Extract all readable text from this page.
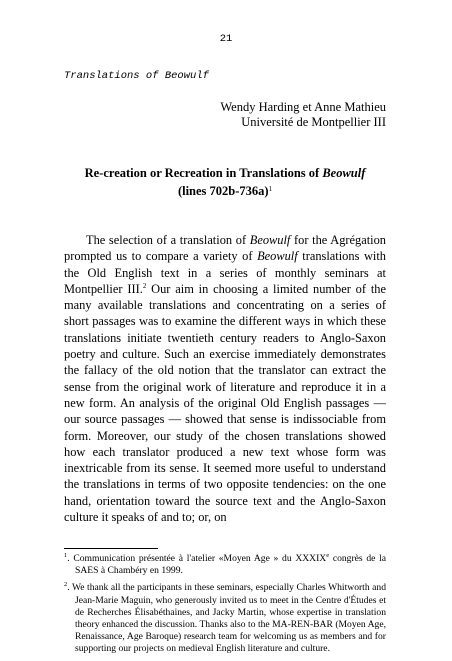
21
Translations of Beowulf
Wendy Harding et Anne Mathieu
Université de Montpellier III
Re-creation or Recreation in Translations of Beowulf
(lines 702b-736a)$^1$

The selection of a translation of Beowulf for the Agrégation prompted us to compare a variety of Beowulf translations with the Old English text in a series of monthly seminars at Montpellier III.$^2$ Our aim in choosing a limited number of the many available translations and concentrating on a series of short passages was to examine the different ways in which these translations initiate twentieth century readers to Anglo-Saxon poetry and culture. Such an exercise immediately demonstrates the fallacy of the old notion that the translator can extract the sense from the original work of literature and reproduce it in a new form. An analysis of the original Old English passages — our source passages — showed that sense is indissociable from form. Moreover, our study of the chosen translations showed how each translator produced a new text whose form was inextricable from its sense. It seemed more useful to understand the translations in terms of two opposite tendencies: on the one hand, orientation toward the source text and the Anglo-Saxon culture it speaks of and to; or, on

$^1$. Communication présentée à l'atelier «Moyen Age » du XXXIXe congrès de la SAES à Chambéry en 1999.

$^2$. We thank all the participants in these seminars, especially Charles Whitworth and Jean-Marie Maguin, who generously invited us to meet in the Centre d'Études et de Recherches Élisabéthaines, and Jacky Martin, whose expertise in translation theory enhanced the discussion. Thanks also to the MA-REN-BAR (Moyen Age, Renaissance, Age Baroque) research team for welcoming us as members and for supporting our projects on medieval English literature and culture.
